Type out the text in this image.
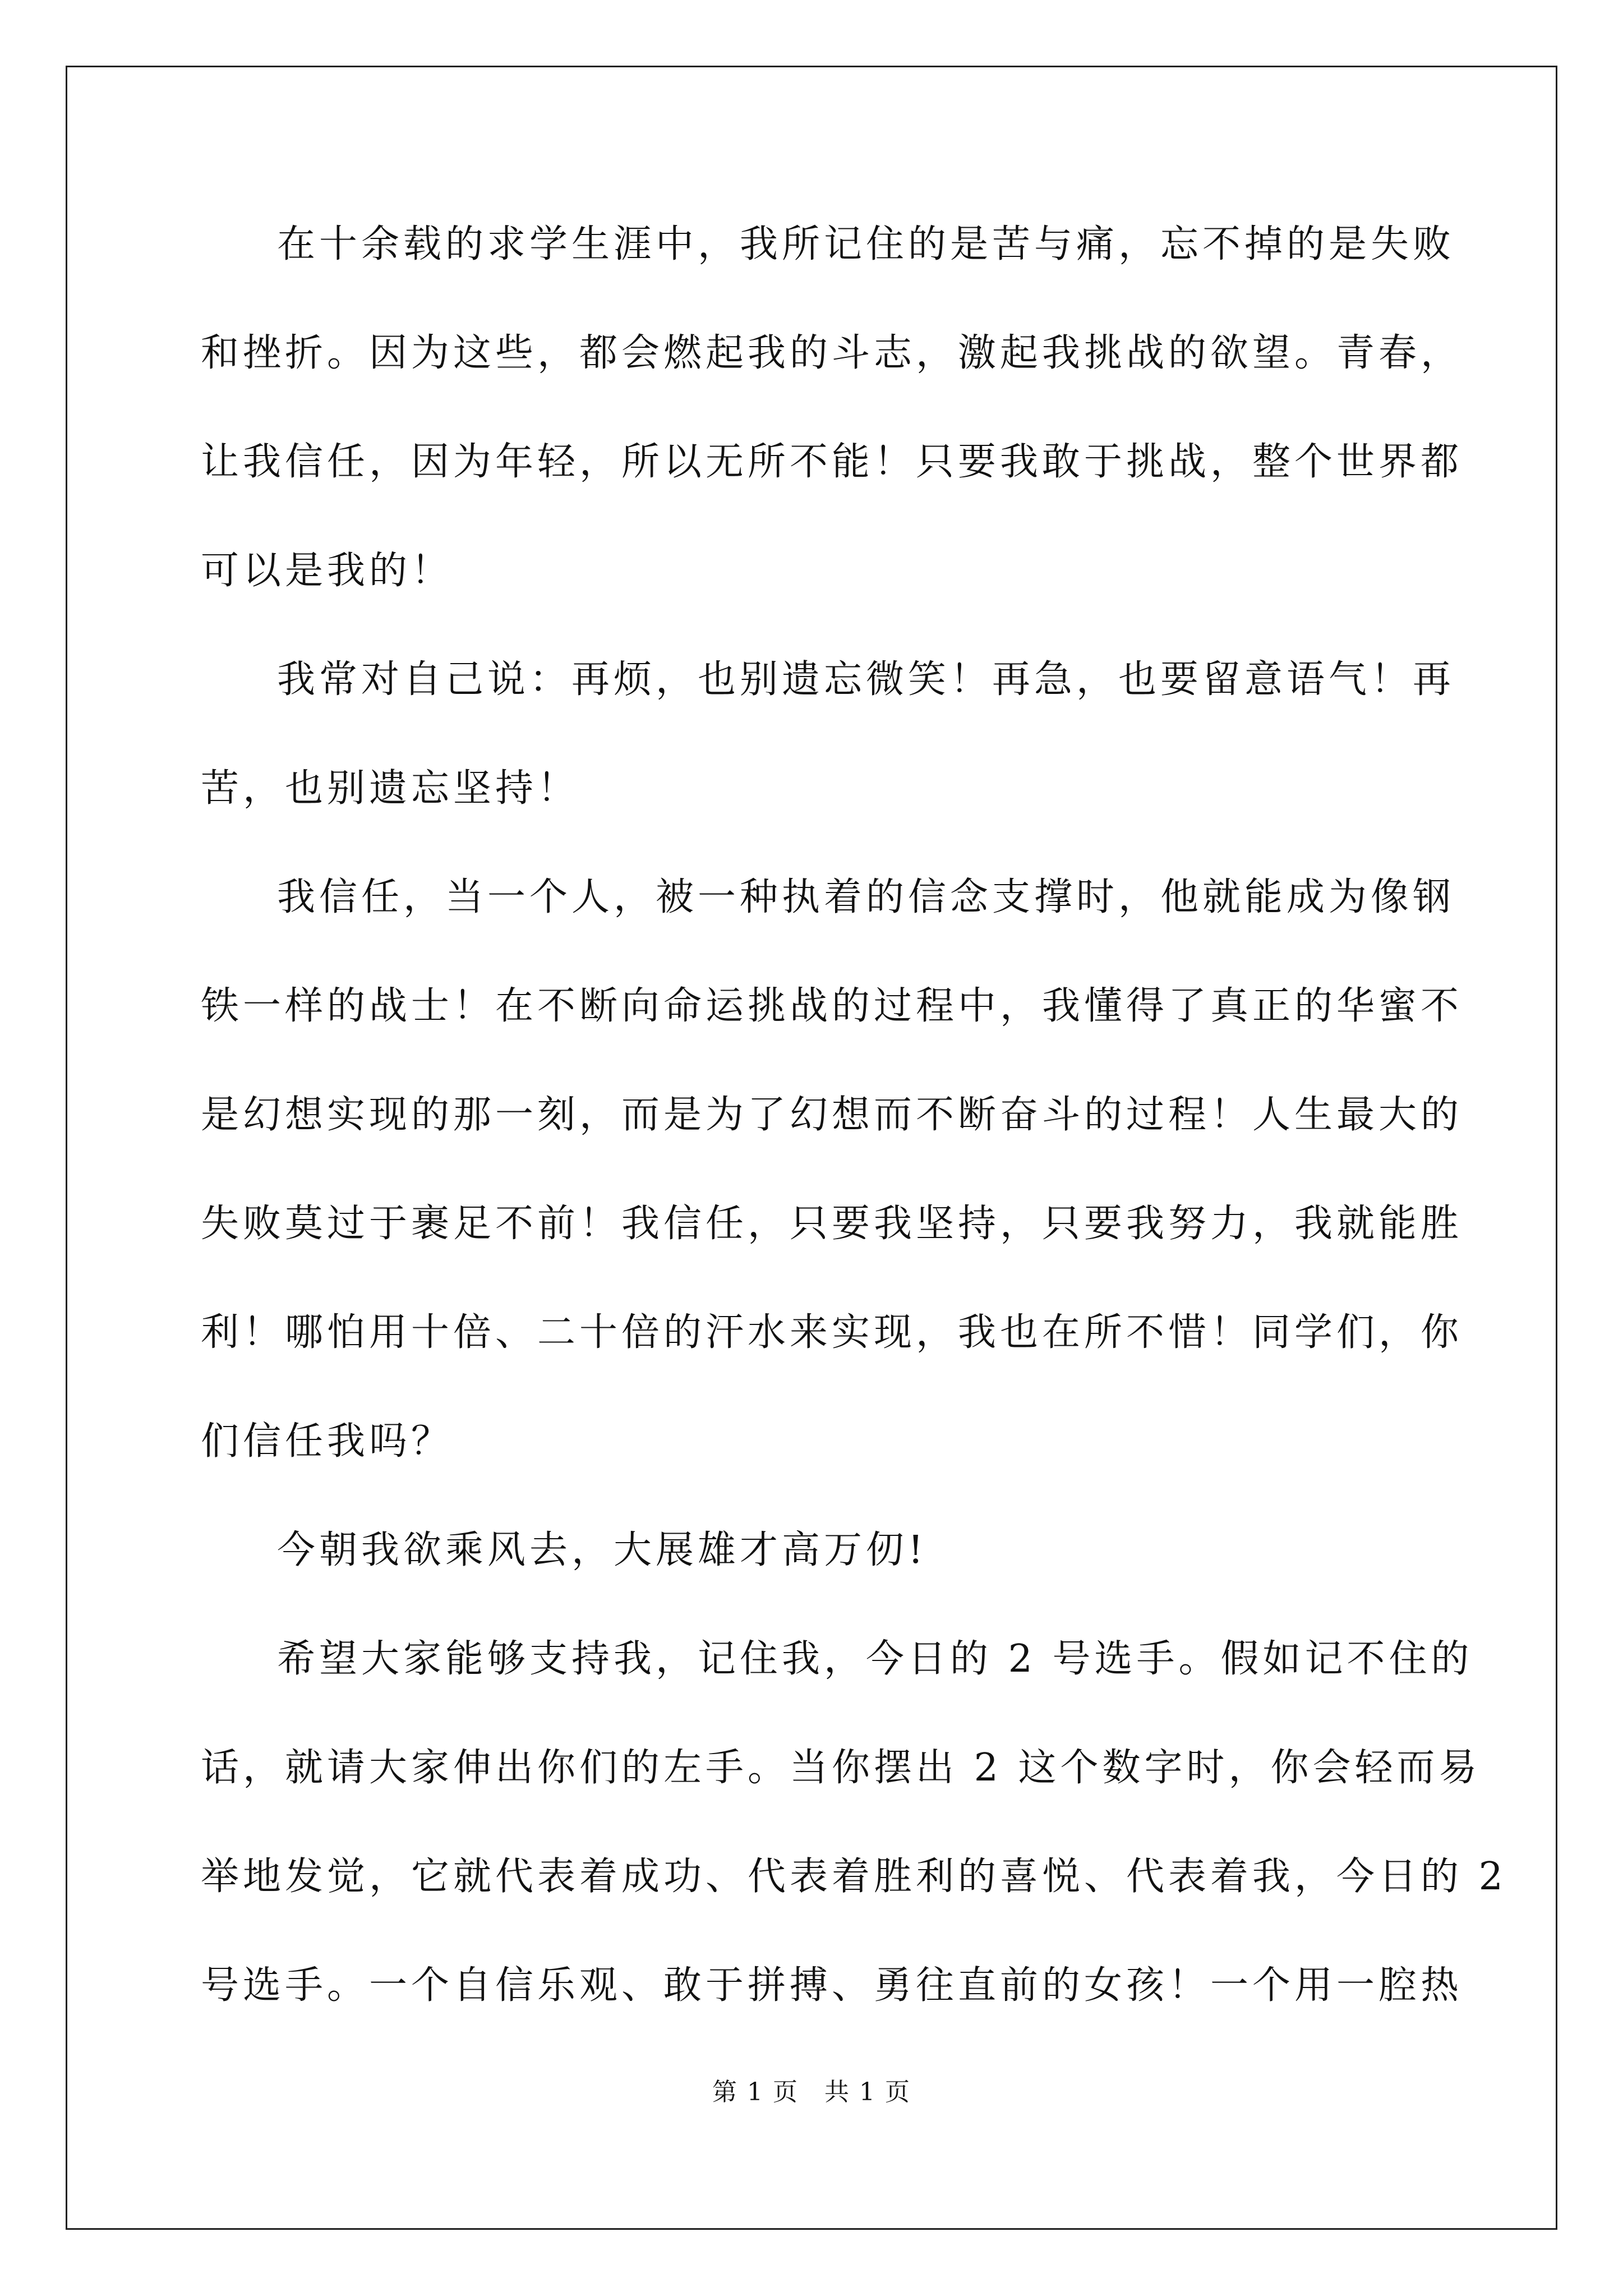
在十余载的求学生涯中，我所记住的是苦与痛，忘不掉的是失败
和挫折。因为这些，都会燃起我的斗志，激起我挑战的欲望。青春，
让我信任，因为年轻，所以无所不能！只要我敢于挑战，整个世界都
可以是我的！
我常对自己说：再烦，也别遗忘微笑！再急，也要留意语气！再
苦，也别遗忘坚持！
我信任，当一个人，被一种执着的信念支撑时，他就能成为像钢
铁一样的战士！在不断向命运挑战的过程中，我懂得了真正的华蜜不
是幻想实现的那一刻，而是为了幻想而不断奋斗的过程！人生最大的
失败莫过于裹足不前！我信任，只要我坚持，只要我努力，我就能胜
利！哪怕用十倍、二十倍的汗水来实现，我也在所不惜！同学们，你
们信任我吗？
今朝我欲乘风去，大展雄才高万仞!
希望大家能够支持我，记住我，今日的 2 号选手。假如记不住的
话，就请大家伸出你们的左手。当你摆出 2 这个数字时，你会轻而易
举地发觉，它就代表着成功、代表着胜利的喜悦、代表着我，今日的 2
号选手。一个自信乐观、敢于拼搏、勇往直前的女孩！一个用一腔热
第 1 页　共 1 页
